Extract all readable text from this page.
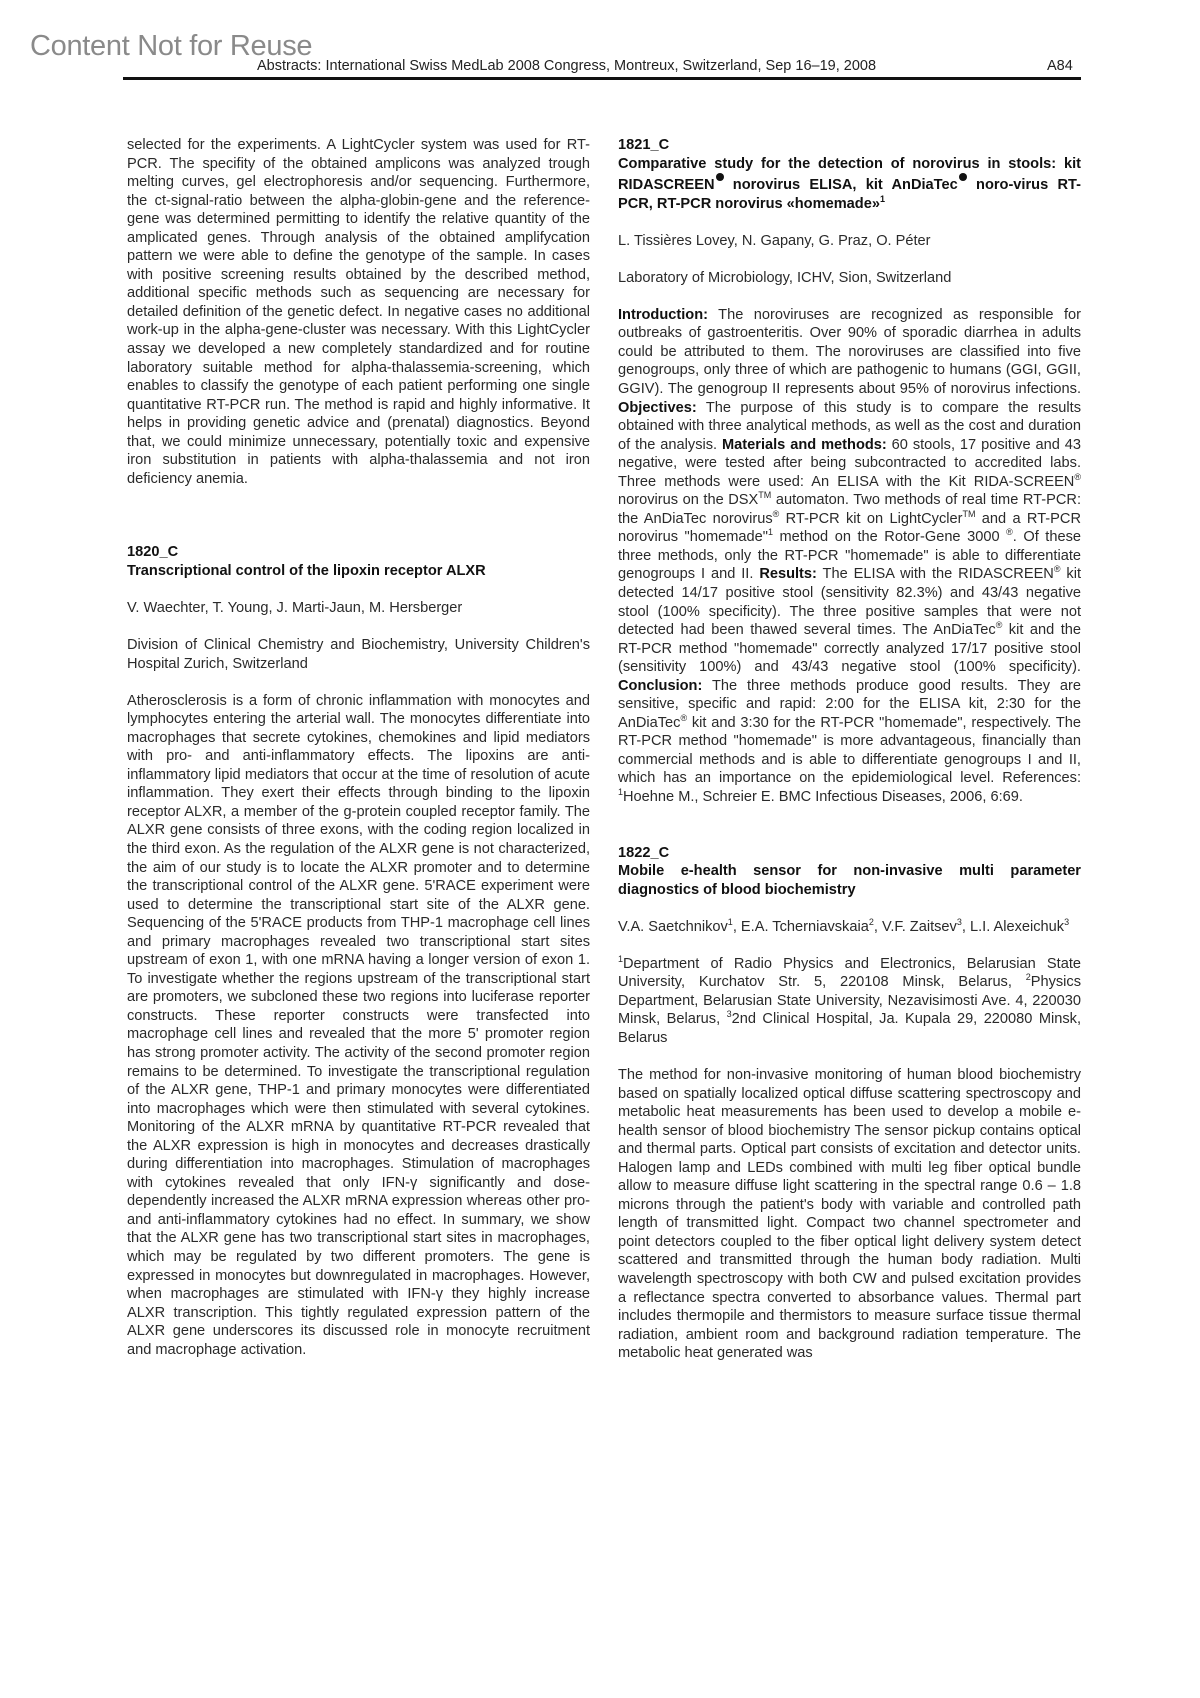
Content Not for Reuse
Abstracts: International Swiss MedLab 2008 Congress, Montreux, Switzerland, Sep 16–19, 2008	A84

selected for the experiments. A LightCycler system was used for RT-PCR. The specifity of the obtained amplicons was analyzed trough melting curves, gel electrophoresis and/or sequencing. Furthermore, the ct-signal-ratio between the alpha-globin-gene and the reference-gene was determined permitting to identify the relative quantity of the amplicated genes. Through analysis of the obtained amplifycation pattern we were able to define the genotype of the sample. In cases with positive screening results obtained by the described method, additional specific methods such as sequencing are necessary for detailed definition of the genetic defect. In negative cases no additional work-up in the alpha-gene-cluster was necessary. With this LightCycler assay we developed a new completely standardized and for routine laboratory suitable method for alpha-thalassemia-screening, which enables to classify the genotype of each patient performing one single quantitative RT-PCR run. The method is rapid and highly informative. It helps in providing genetic advice and (prenatal) diagnostics. Beyond that, we could minimize unnecessary, potentially toxic and expensive iron substitution in patients with alpha-thalassemia and not iron deficiency anemia.

1820_C

Transcriptional control of the lipoxin receptor ALXR

V. Waechter, T. Young, J. Marti-Jaun, M. Hersberger

Division of Clinical Chemistry and Biochemistry, University Children's Hospital Zurich, Switzerland

Atherosclerosis is a form of chronic inflammation with monocytes and lymphocytes entering the arterial wall. The monocytes differentiate into macrophages that secrete cytokines, chemokines and lipid mediators with pro- and anti-inflammatory effects. The lipoxins are anti-inflammatory lipid mediators that occur at the time of resolution of acute inflammation. They exert their effects through binding to the lipoxin receptor ALXR, a member of the g-protein coupled receptor family. The ALXR gene consists of three exons, with the coding region localized in the third exon. As the regulation of the ALXR gene is not characterized, the aim of our study is to locate the ALXR promoter and to determine the transcriptional control of the ALXR gene. 5'RACE experiment were used to determine the transcriptional start site of the ALXR gene. Sequencing of the 5'RACE products from THP-1 macrophage cell lines and primary macrophages revealed two transcriptional start sites upstream of exon 1, with one mRNA having a longer version of exon 1. To investigate whether the regions upstream of the transcriptional start are promoters, we subcloned these two regions into luciferase reporter constructs. These reporter constructs were transfected into macrophage cell lines and revealed that the more 5' promoter region has strong promoter activity. The activity of the second promoter region remains to be determined. To investigate the transcriptional regulation of the ALXR gene, THP-1 and primary monocytes were differentiated into macrophages which were then stimulated with several cytokines. Monitoring of the ALXR mRNA by quantitative RT-PCR revealed that the ALXR expression is high in monocytes and decreases drastically during differentiation into macrophages. Stimulation of macrophages with cytokines revealed that only IFN-γ significantly and dose-dependently increased the ALXR mRNA expression whereas other pro- and anti-inflammatory cytokines had no effect. In summary, we show that the ALXR gene has two transcriptional start sites in macrophages, which may be regulated by two different promoters. The gene is expressed in monocytes but downregulated in macrophages. However, when macrophages are stimulated with IFN-γ they highly increase ALXR transcription. This tightly regulated expression pattern of the ALXR gene underscores its discussed role in monocyte recruitment and macrophage activation.

1821_C

Comparative study for the detection of norovirus in stools: kit RIDASCREEN norovirus ELISA, kit AnDiaTec noro-virus RT-PCR, RT-PCR norovirus «homemade»$^1$

L. Tissières Lovey, N. Gapany, G. Praz, O. Péter

Laboratory of Microbiology, ICHV, Sion, Switzerland

Introduction: The noroviruses are recognized as responsible for outbreaks of gastroenteritis. Over 90% of sporadic diarrhea in adults could be attributed to them. The noroviruses are classified into five genogroups, only three of which are pathogenic to humans (GGI, GGII, GGIV). The genogroup II represents about 95% of norovirus infections. Objectives: The purpose of this study is to compare the results obtained with three analytical methods, as well as the cost and duration of the analysis. Materials and methods: 60 stools, 17 positive and 43 negative, were tested after being subcontracted to accredited labs. Three methods were used: An ELISA with the Kit RIDA-SCREEN® norovirus on the DSX™ automaton. Two methods of real time RT-PCR: the AnDiaTec norovirus® RT-PCR kit on LightCycler™ and a RT-PCR norovirus "homemade"$^1$ method on the Rotor-Gene 3000 ®. Of these three methods, only the RT-PCR "homemade" is able to differentiate genogroups I and II. Results: The ELISA with the RIDASCREEN® kit detected 14/17 positive stool (sensitivity 82.3%) and 43/43 negative stool (100% specificity). The three positive samples that were not detected had been thawed several times. The AnDiaTec® kit and the RT-PCR method "homemade" correctly analyzed 17/17 positive stool (sensitivity 100%) and 43/43 negative stool (100% specificity). Conclusion: The three methods produce good results. They are sensitive, specific and rapid: 2:00 for the ELISA kit, 2:30 for the AnDiaTec® kit and 3:30 for the RT-PCR "homemade", respectively. The RT-PCR method "homemade" is more advantageous, financially than commercial methods and is able to differentiate genogroups I and II, which has an importance on the epidemiological level. References: $^1$Hoehne M., Schreier E. BMC Infectious Diseases, 2006, 6:69.

1822_C

Mobile e-health sensor for non-invasive multi parameter diagnostics of blood biochemistry

V.A. Saetchnikov$^1$, E.A. Tcherniavskaia$^2$, V.F. Zaitsev$^3$, L.I. Alexeichuk$^3$

$^1$Department of Radio Physics and Electronics, Belarusian State University, Kurchatov Str. 5, 220108 Minsk, Belarus, $^2$Physics Department, Belarusian State University, Nezavisimosti Ave. 4, 220030 Minsk, Belarus, $^3$2nd Clinical Hospital, Ja. Kupala 29, 220080 Minsk, Belarus

The method for non-invasive monitoring of human blood biochemistry based on spatially localized optical diffuse scattering spectroscopy and metabolic heat measurements has been used to develop a mobile e-health sensor of blood biochemistry The sensor pickup contains optical and thermal parts. Optical part consists of excitation and detector units. Halogen lamp and LEDs combined with multi leg fiber optical bundle allow to measure diffuse light scattering in the spectral range 0.6 – 1.8 microns through the patient's body with variable and controlled path length of transmitted light. Compact two channel spectrometer and point detectors coupled to the fiber optical light delivery system detect scattered and transmitted through the human body radiation. Multi wavelength spectroscopy with both CW and pulsed excitation provides a reflectance spectra converted to absorbance values. Thermal part includes thermopile and thermistors to measure surface tissue thermal radiation, ambient room and background radiation temperature. The metabolic heat generated was
